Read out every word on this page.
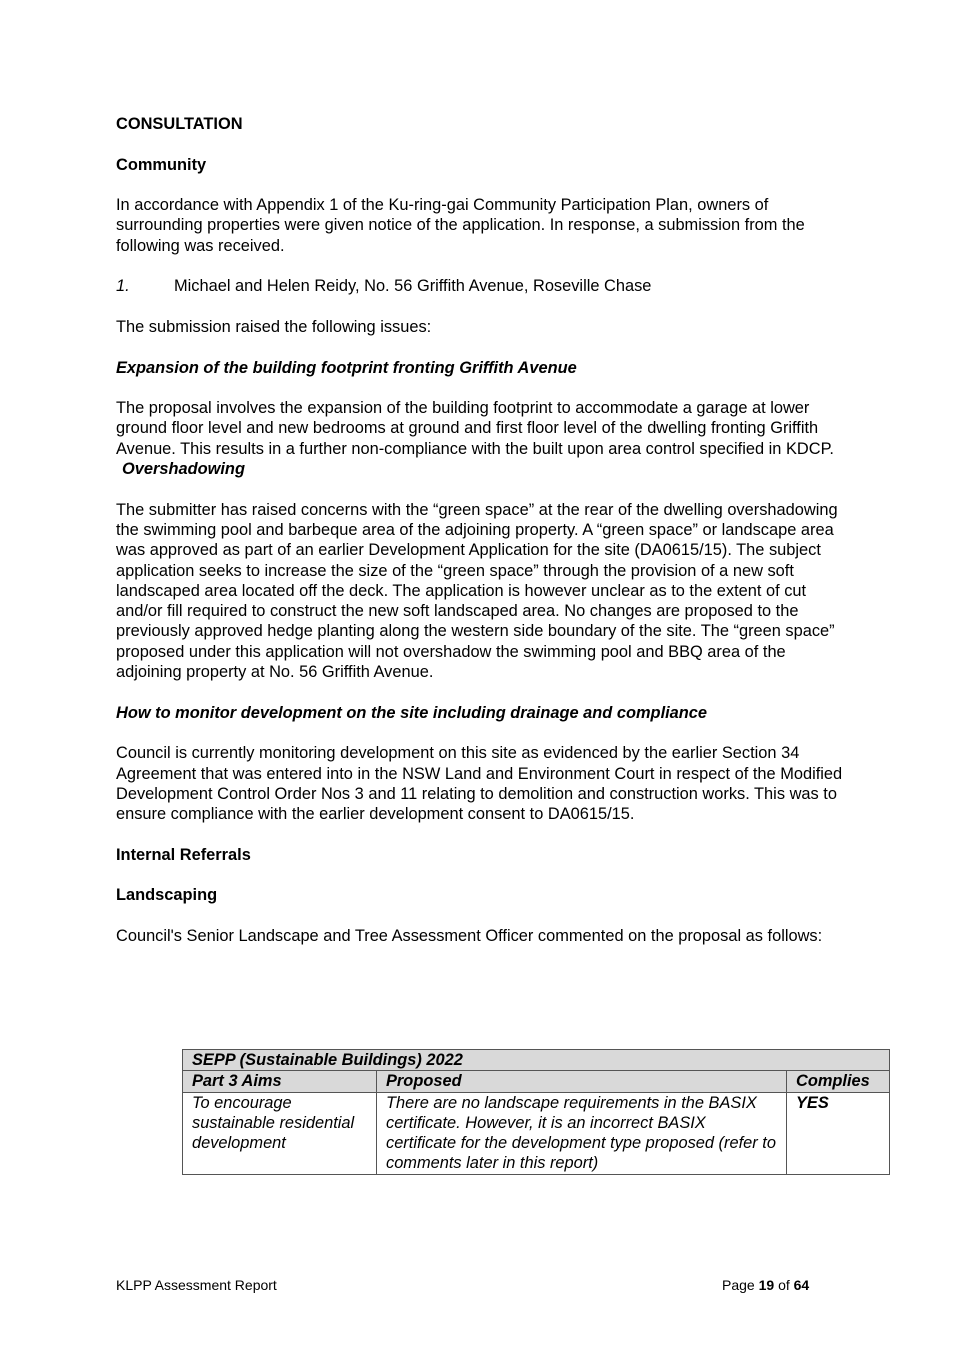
CONSULTATION

Community

In accordance with Appendix 1 of the Ku-ring-gai Community Participation Plan, owners of surrounding properties were given notice of the application. In response, a submission from the following was received.

1.	Michael and Helen Reidy, No. 56 Griffith Avenue, Roseville Chase

The submission raised the following issues:

Expansion of the building footprint fronting Griffith Avenue

The proposal involves the expansion of the building footprint to accommodate a garage at lower ground floor level and new bedrooms at ground and first floor level of the dwelling fronting Griffith Avenue. This results in a further non-compliance with the built upon area control specified in KDCP.

Overshadowing

The submitter has raised concerns with the “green space” at the rear of the dwelling overshadowing the swimming pool and barbeque area of the adjoining property. A “green space” or landscape area was approved as part of an earlier Development Application for the site (DA0615/15). The subject application seeks to increase the size of the “green space” through the provision of a new soft landscaped area located off the deck. The application is however unclear as to the extent of cut and/or fill required to construct the new soft landscaped area. No changes are proposed to the previously approved hedge planting along the western side boundary of the site. The “green space” proposed under this application will not overshadow the swimming pool and BBQ area of the adjoining property at No. 56 Griffith Avenue.

How to monitor development on the site including drainage and compliance

Council is currently monitoring development on this site as evidenced by the earlier Section 34 Agreement that was entered into in the NSW Land and Environment Court in respect of the Modified Development Control Order Nos 3 and 11 relating to demolition and construction works. This was to ensure compliance with the earlier development consent to DA0615/15.

Internal Referrals

Landscaping

Council's Senior Landscape and Tree Assessment Officer commented on the proposal as follows:

SEPP (Sustainable Buildings) 2022		
Part 3 Aims	Proposed	Complies
To encourage sustainable residential development	There are no landscape requirements in the BASIX certificate. However, it is an incorrect BASIX certificate for the development type proposed (refer to comments later in this report)	YES
KLPP Assessment Report	Page 19 of 64
